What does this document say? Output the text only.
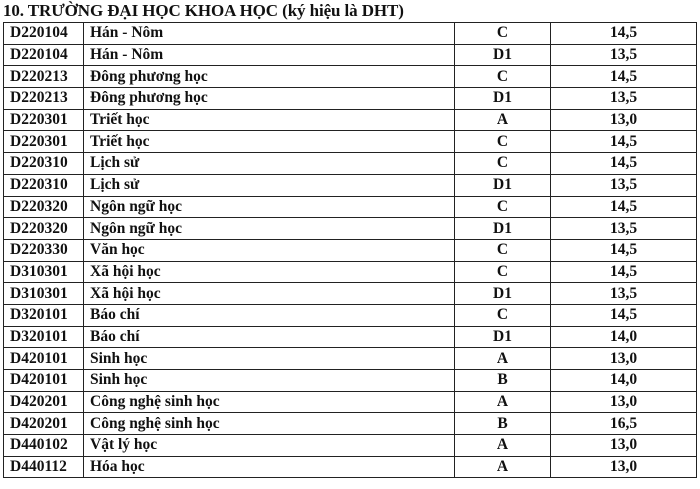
10. TRƯỜNG ĐẠI HỌC KHOA HỌC (ký hiệu là DHT)
D220104	Hán - Nôm	C	14,5
D220104	Hán - Nôm	D1	13,5
D220213	Đông phương học	C	14,5
D220213	Đông phương học	D1	13,5
D220301	Triết học	A	13,0
D220301	Triết học	C	14,5
D220310	Lịch sử	C	14,5
D220310	Lịch sử	D1	13,5
D220320	Ngôn ngữ học	C	14,5
D220320	Ngôn ngữ học	D1	13,5
D220330	Văn học	C	14,5
D310301	Xã hội học	C	14,5
D310301	Xã hội học	D1	13,5
D320101	Báo chí	C	14,5
D320101	Báo chí	D1	14,0
D420101	Sinh học	A	13,0
D420101	Sinh học	B	14,0
D420201	Công nghệ sinh học	A	13,0
D420201	Công nghệ sinh học	B	16,5
D440102	Vật lý học	A	13,0
D440112	Hóa học	A	13,0
